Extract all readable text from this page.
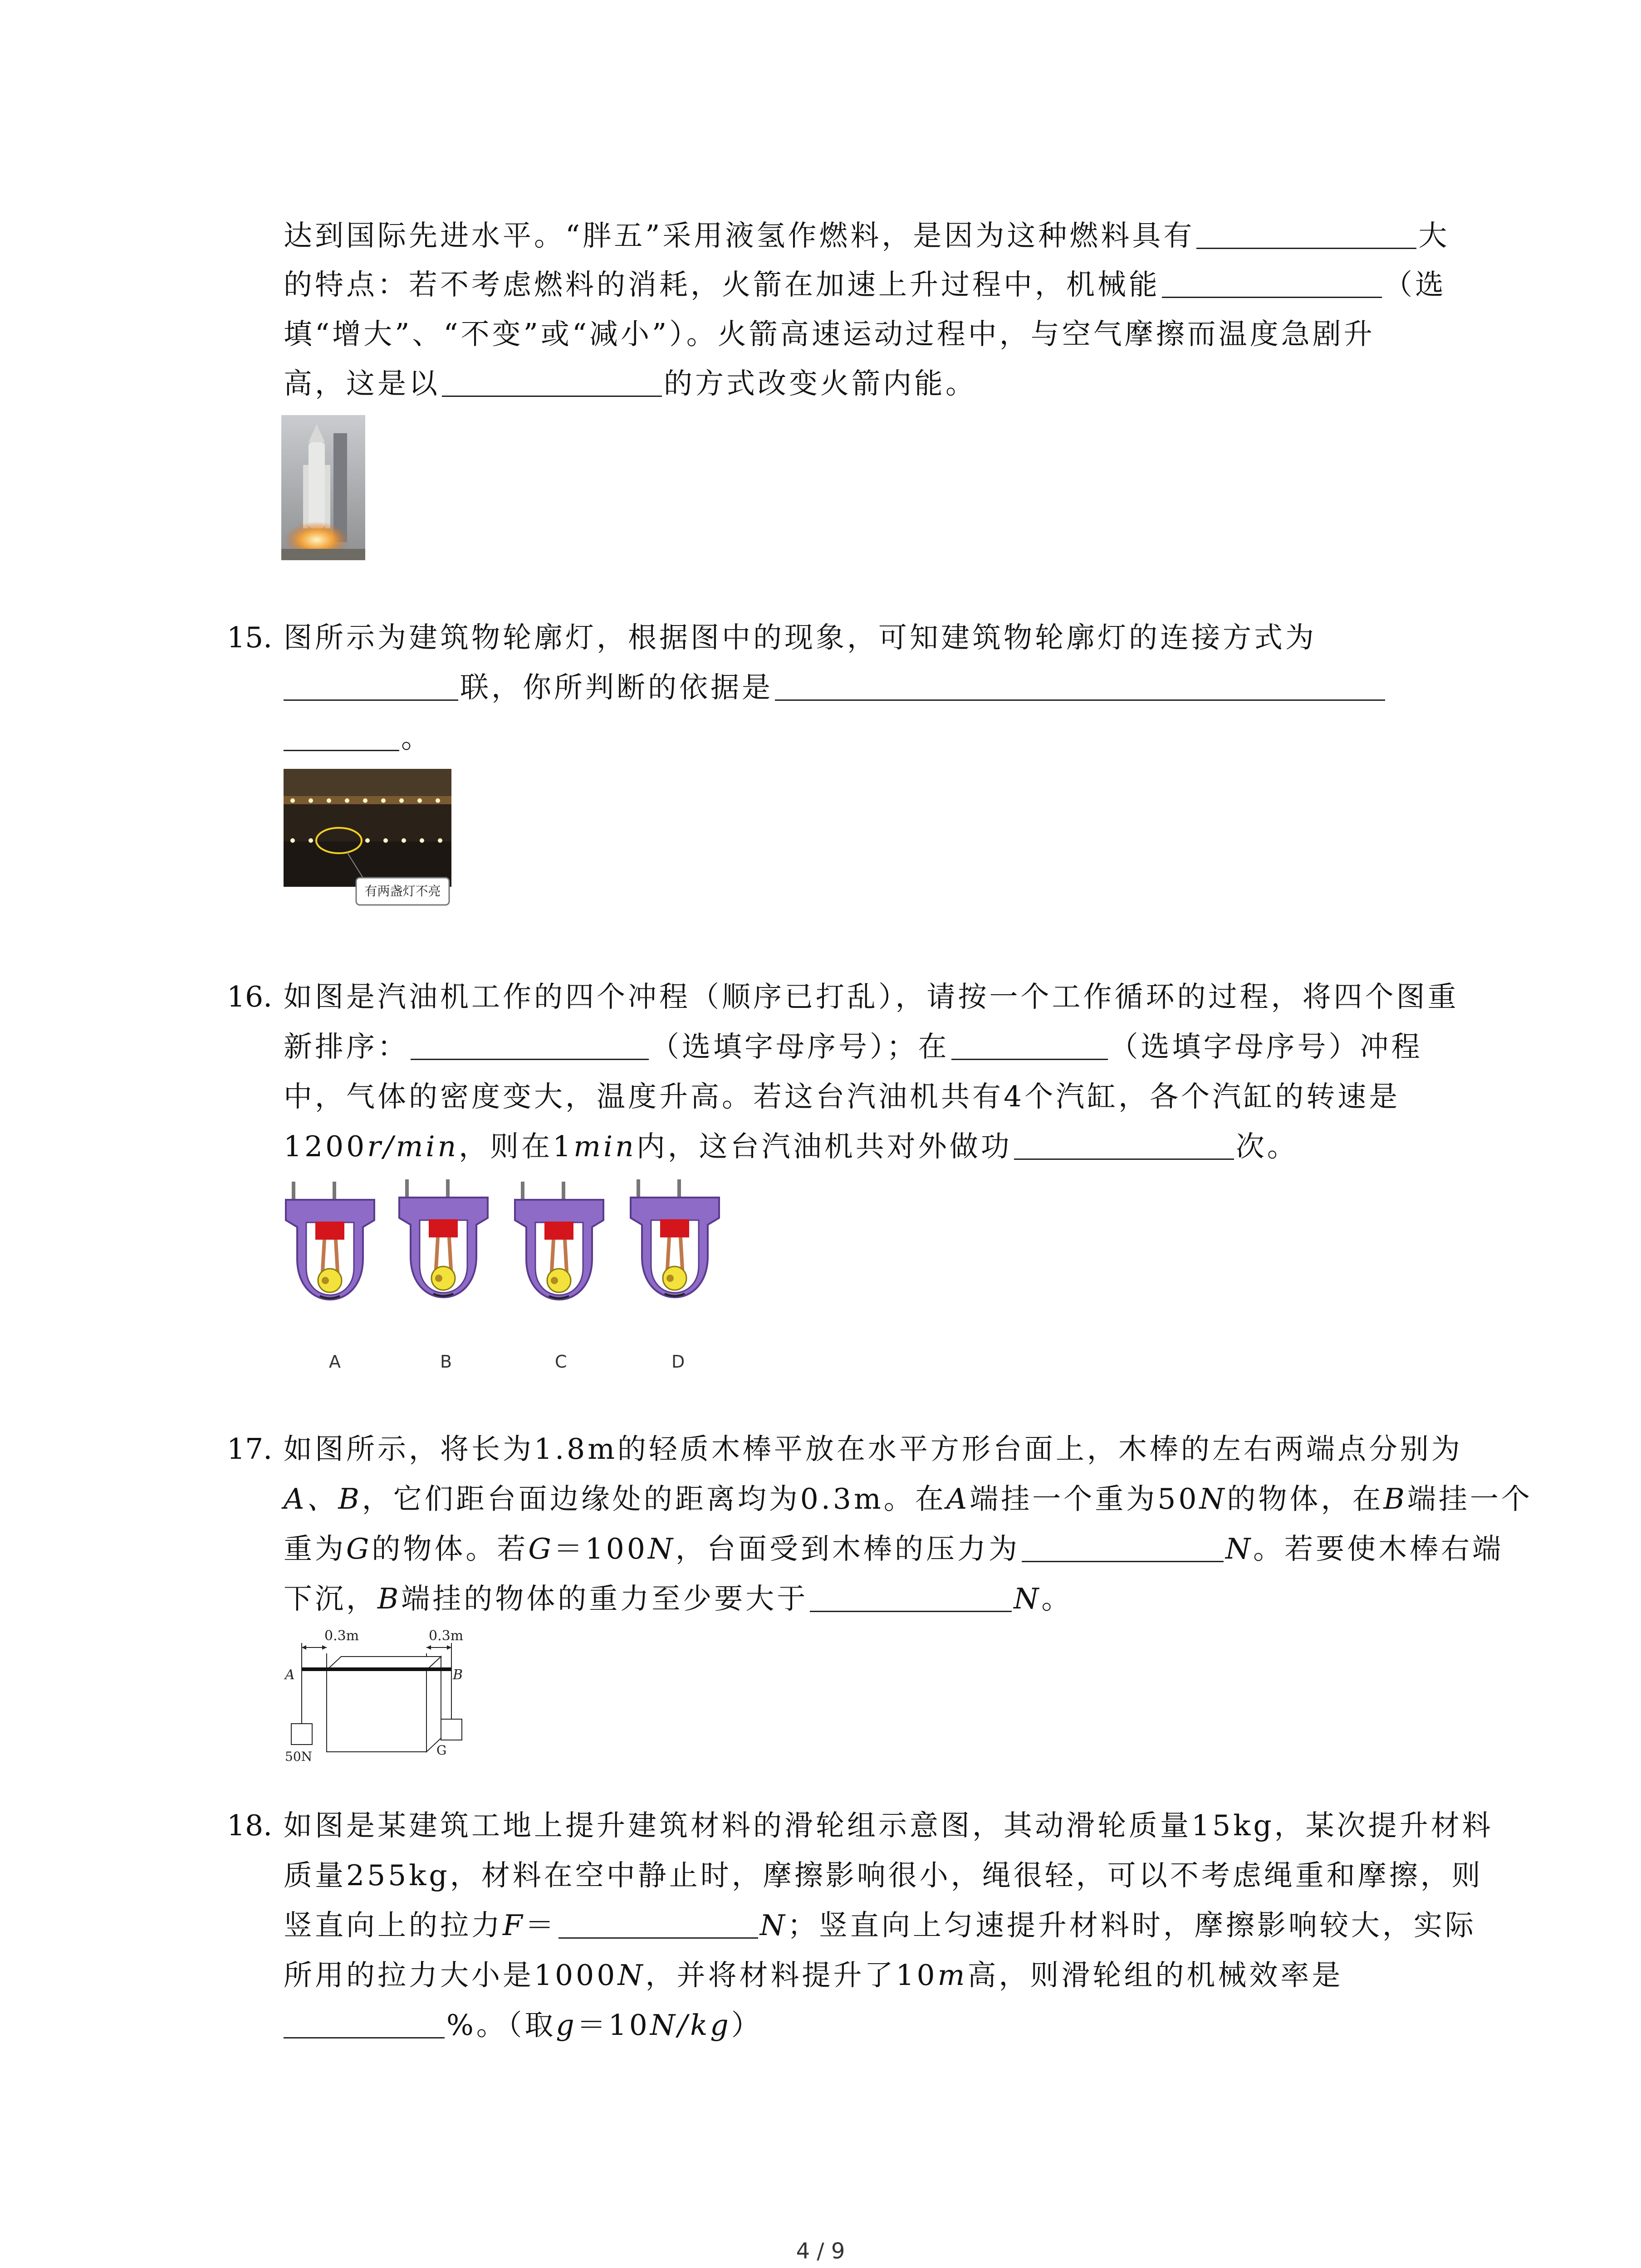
达到国际先进水平。“胖五”采用液氢作燃料，是因为这种燃料具有	大
的特点：若不考虑燃料的消耗，火箭在加速上升过程中，机械能	（选
填“增大”、“不变”或“减小”）。火箭高速运动过程中，与空气摩擦而温度急剧升
高，这是以	的方式改变火箭内能。
15. 图所示为建筑物轮廓灯，根据图中的现象，可知建筑物轮廓灯的连接方式为
联，你所判断的依据是
。
有两盏灯不亮
16. 如图是汽油机工作的四个冲程（顺序已打乱），请按一个工作循环的过程，将四个图重
新排序：	（选填字母序号）；在	（选填字母序号）冲程
中，气体的密度变大，温度升高。若这台汽油机共有4个汽缸，各个汽缸的转速是
1200r/min，则在1min内，这台汽油机共对外做功	次。
A	B	C	D
17. 如图所示，将长为1.8m的轻质木棒平放在水平方形台面上，木棒的左右两端点分别为
A、B，它们距台面边缘处的距离均为0.3m。在A端挂一个重为50N的物体，在B端挂一个
重为G的物体。若G＝100N，台面受到木棒的压力为	N。若要使木棒右端
下沉，B端挂的物体的重力至少要大于	N。
0.3m	0.3m
A	B
50N	G
18. 如图是某建筑工地上提升建筑材料的滑轮组示意图，其动滑轮质量15kg，某次提升材料
质量255kg，材料在空中静止时，摩擦影响很小，绳很轻，可以不考虑绳重和摩擦，则
竖直向上的拉力F＝	N；竖直向上匀速提升材料时，摩擦影响较大，实际
所用的拉力大小是1000N，并将材料提升了10m高，则滑轮组的机械效率是
%。（取g＝10N/kg）
4 / 9
